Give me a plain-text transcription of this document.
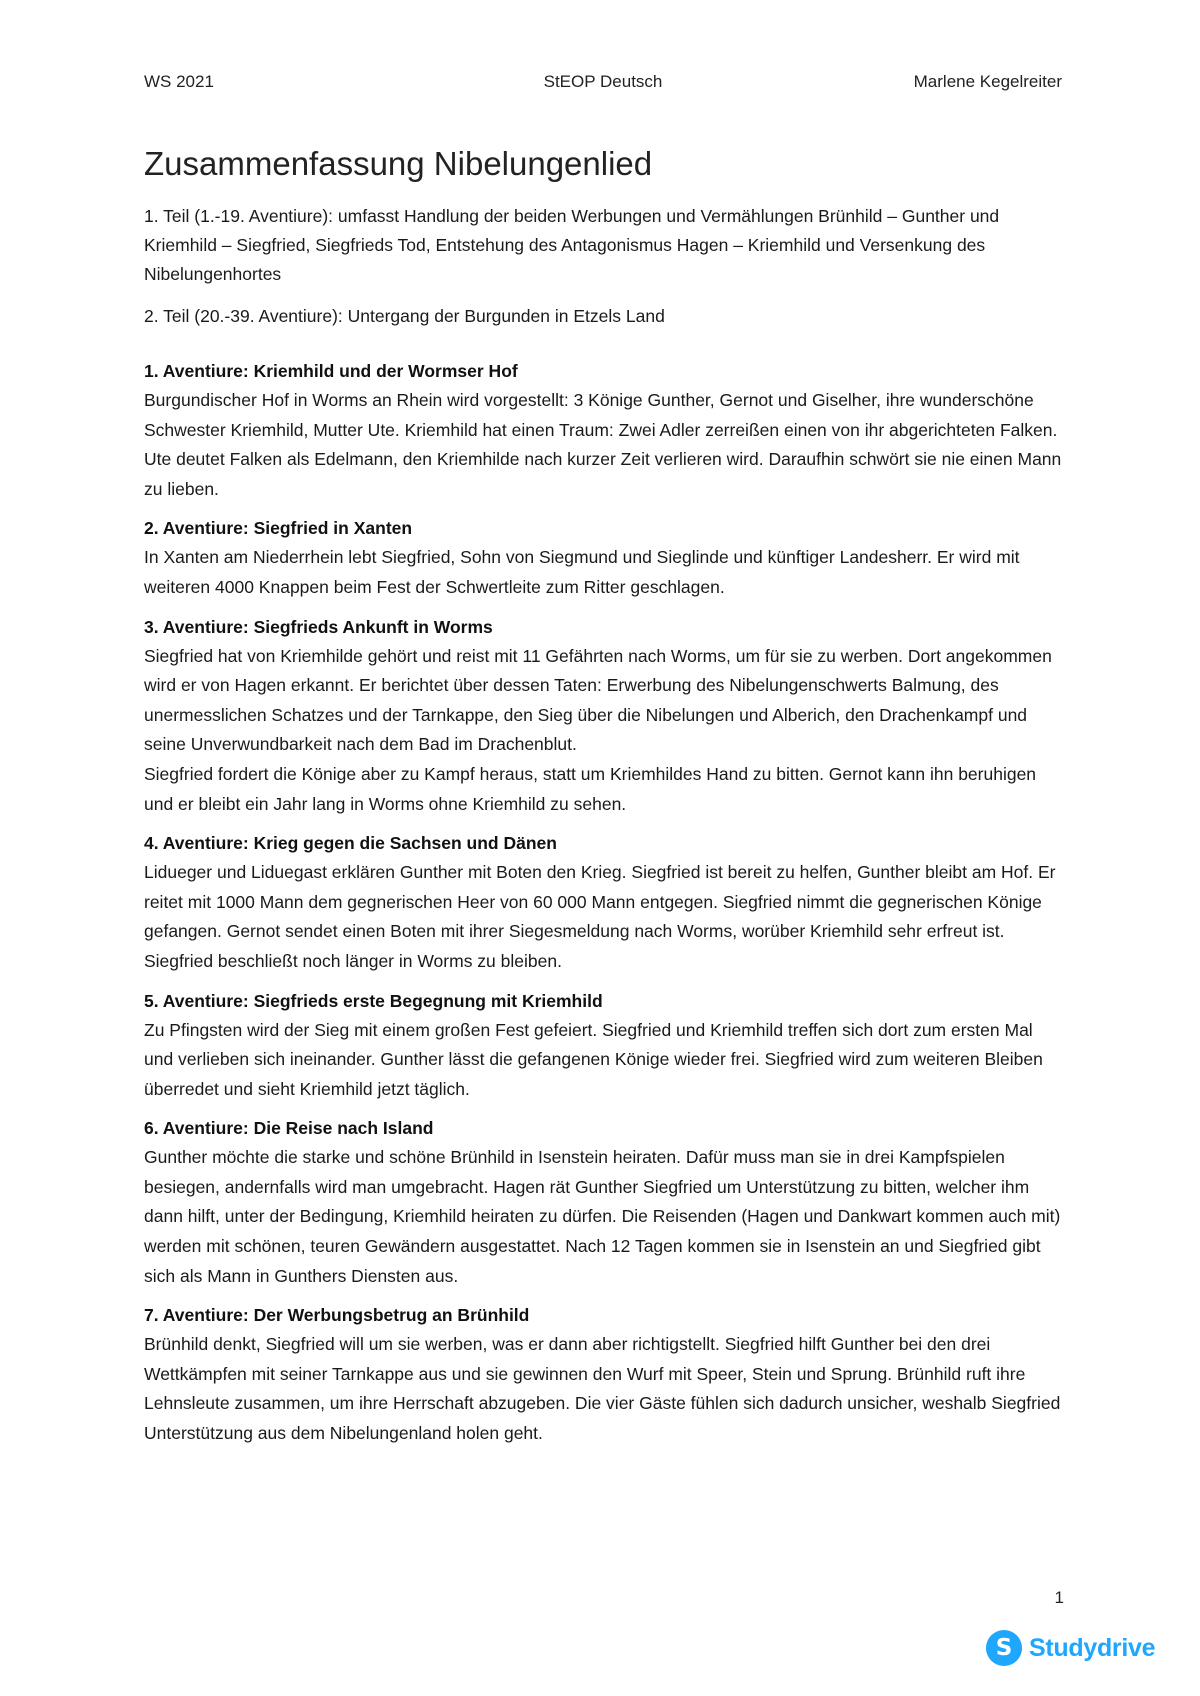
WS 2021	StEOP Deutsch	Marlene Kegelreiter
Zusammenfassung Nibelungenlied

1. Teil (1.-19. Aventiure): umfasst Handlung der beiden Werbungen und Vermählungen Brünhild – Gunther und Kriemhild – Siegfried, Siegfrieds Tod, Entstehung des Antagonismus Hagen – Kriemhild und Versenkung des Nibelungenhortes

2. Teil (20.-39. Aventiure): Untergang der Burgunden in Etzels Land

1. Aventiure: Kriemhild und der Wormser Hof

Burgundischer Hof in Worms an Rhein wird vorgestellt: 3 Könige Gunther, Gernot und Giselher, ihre wunderschöne Schwester Kriemhild, Mutter Ute. Kriemhild hat einen Traum: Zwei Adler zerreißen einen von ihr abgerichteten Falken. Ute deutet Falken als Edelmann, den Kriemhilde nach kurzer Zeit verlieren wird. Daraufhin schwört sie nie einen Mann zu lieben.

2. Aventiure: Siegfried in Xanten

In Xanten am Niederrhein lebt Siegfried, Sohn von Siegmund und Sieglinde und künftiger Landesherr. Er wird mit weiteren 4000 Knappen beim Fest der Schwertleite zum Ritter geschlagen.

3. Aventiure: Siegfrieds Ankunft in Worms

Siegfried hat von Kriemhilde gehört und reist mit 11 Gefährten nach Worms, um für sie zu werben. Dort angekommen wird er von Hagen erkannt. Er berichtet über dessen Taten: Erwerbung des Nibelungenschwerts Balmung, des unermesslichen Schatzes und der Tarnkappe, den Sieg über die Nibelungen und Alberich, den Drachenkampf und seine Unverwundbarkeit nach dem Bad im Drachenblut.

Siegfried fordert die Könige aber zu Kampf heraus, statt um Kriemhildes Hand zu bitten. Gernot kann ihn beruhigen und er bleibt ein Jahr lang in Worms ohne Kriemhild zu sehen.

4. Aventiure: Krieg gegen die Sachsen und Dänen

Lidueger und Liduegast erklären Gunther mit Boten den Krieg. Siegfried ist bereit zu helfen, Gunther bleibt am Hof. Er reitet mit 1000 Mann dem gegnerischen Heer von 60 000 Mann entgegen. Siegfried nimmt die gegnerischen Könige gefangen. Gernot sendet einen Boten mit ihrer Siegesmeldung nach Worms, worüber Kriemhild sehr erfreut ist. Siegfried beschließt noch länger in Worms zu bleiben.

5. Aventiure: Siegfrieds erste Begegnung mit Kriemhild

Zu Pfingsten wird der Sieg mit einem großen Fest gefeiert. Siegfried und Kriemhild treffen sich dort zum ersten Mal und verlieben sich ineinander. Gunther lässt die gefangenen Könige wieder frei. Siegfried wird zum weiteren Bleiben überredet und sieht Kriemhild jetzt täglich.

6. Aventiure: Die Reise nach Island

Gunther möchte die starke und schöne Brünhild in Isenstein heiraten. Dafür muss man sie in drei Kampfspielen besiegen, andernfalls wird man umgebracht. Hagen rät Gunther Siegfried um Unterstützung zu bitten, welcher ihm dann hilft, unter der Bedingung, Kriemhild heiraten zu dürfen. Die Reisenden (Hagen und Dankwart kommen auch mit) werden mit schönen, teuren Gewändern ausgestattet. Nach 12 Tagen kommen sie in Isenstein an und Siegfried gibt sich als Mann in Gunthers Diensten aus.

7. Aventiure: Der Werbungsbetrug an Brünhild

Brünhild denkt, Siegfried will um sie werben, was er dann aber richtigstellt. Siegfried hilft Gunther bei den drei Wettkämpfen mit seiner Tarnkappe aus und sie gewinnen den Wurf mit Speer, Stein und Sprung. Brünhild ruft ihre Lehnsleute zusammen, um ihre Herrschaft abzugeben. Die vier Gäste fühlen sich dadurch unsicher, weshalb Siegfried Unterstützung aus dem Nibelungenland holen geht.

1
S Studydrive
